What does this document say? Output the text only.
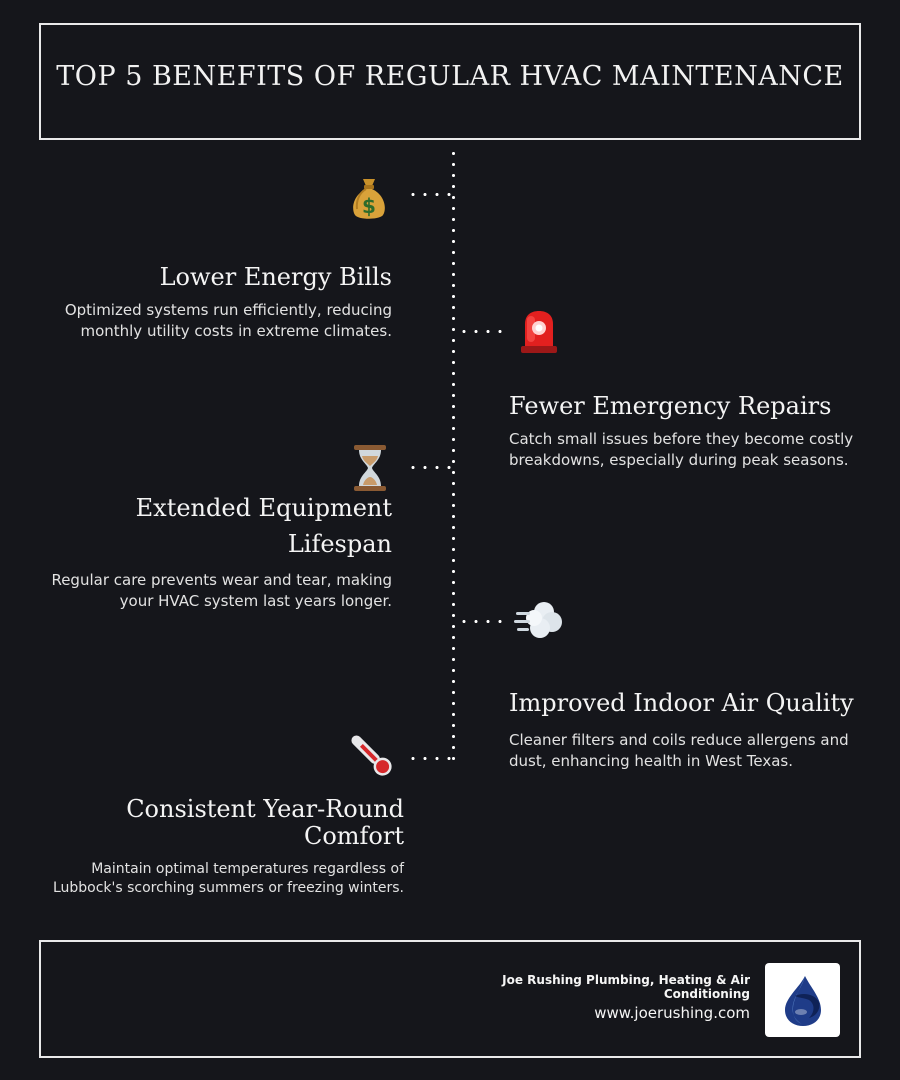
TOP 5 BENEFITS OF REGULAR HVAC MAINTENANCE
$
Lower Energy Bills
Optimized systems run efficiently, reducing monthly utility costs in extreme climates.
Fewer Emergency Repairs
Catch small issues before they become costly breakdowns, especially during peak seasons.
Extended Equipment Lifespan
Regular care prevents wear and tear, making your HVAC system last years longer.
Improved Indoor Air Quality
Cleaner filters and coils reduce allergens and dust, enhancing health in West Texas.
Consistent Year-Round Comfort
Maintain optimal temperatures regardless of Lubbock's scorching summers or freezing winters.
Joe Rushing Plumbing, Heating & Air Conditioning
www.joerushing.com
